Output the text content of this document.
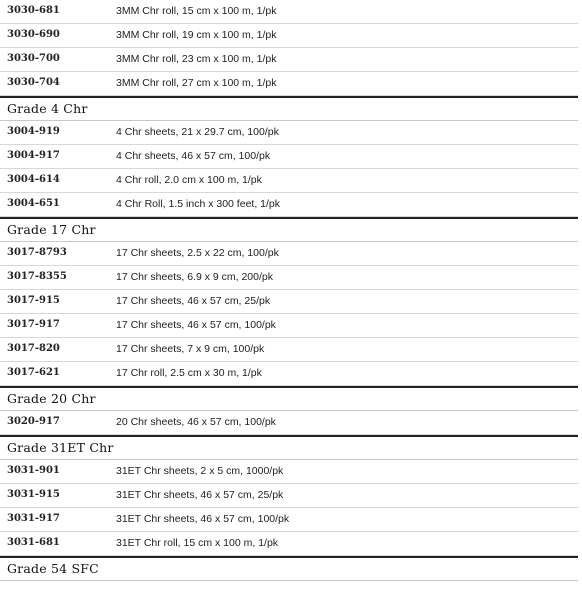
3030-681	3MM Chr roll, 15 cm x 100 m, 1/pk
3030-690	3MM Chr roll, 19 cm x 100 m, 1/pk
3030-700	3MM Chr roll, 23 cm x 100 m, 1/pk
3030-704	3MM Chr roll, 27 cm x 100 m, 1/pk
Grade 4 Chr
3004-919	4 Chr sheets, 21 x 29.7 cm, 100/pk
3004-917	4 Chr sheets, 46 x 57 cm, 100/pk
3004-614	4 Chr roll, 2.0 cm x 100 m, 1/pk
3004-651	4 Chr Roll, 1.5 inch x 300 feet, 1/pk
Grade 17 Chr
3017-8793	17 Chr sheets, 2.5 x 22 cm, 100/pk
3017-8355	17 Chr sheets, 6.9 x 9 cm, 200/pk
3017-915	17 Chr sheets, 46 x 57 cm, 25/pk
3017-917	17 Chr sheets, 46 x 57 cm, 100/pk
3017-820	17 Chr sheets, 7 x 9 cm, 100/pk
3017-621	17 Chr roll, 2.5 cm x 30 m, 1/pk
Grade 20 Chr
3020-917	20 Chr sheets, 46 x 57 cm, 100/pk
Grade 31ET Chr
3031-901	31ET Chr sheets, 2 x 5 cm, 1000/pk
3031-915	31ET Chr sheets, 46 x 57 cm, 25/pk
3031-917	31ET Chr sheets, 46 x 57 cm, 100/pk
3031-681	31ET Chr roll, 15 cm x 100 m, 1/pk
Grade 54 SFC
